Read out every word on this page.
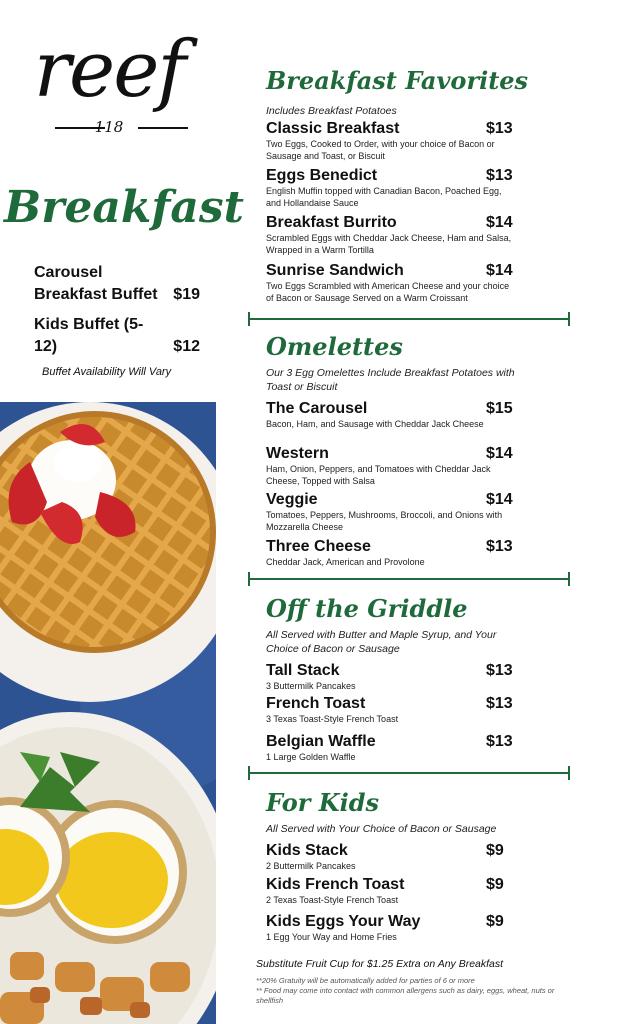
reef
118
Breakfast
Carousel Breakfast Buffet $19
Kids Buffet (5-12)	$12
Buffet Availability Will Vary
Breakfast Favorites
Includes Breakfast Potatoes
Classic Breakfast	$13
Two Eggs, Cooked to Order, with your choice of Bacon or Sausage and Toast, or Biscuit
Eggs Benedict	$13
English Muffin topped with Canadian Bacon, Poached Egg, and Hollandaise Sauce
Breakfast Burrito	$14
Scrambled Eggs with Cheddar Jack Cheese, Ham and Salsa, Wrapped in a Warm Tortilla
Sunrise Sandwich	$14
Two Eggs Scrambled with American Cheese and your choice of Bacon or Sausage Served on a Warm Croissant
Omelettes
Our 3 Egg Omelettes Include Breakfast Potatoes with Toast or Biscuit
The Carousel	$15
Bacon, Ham, and Sausage with Cheddar Jack Cheese
Western	$14
Ham, Onion, Peppers, and Tomatoes with Cheddar Jack Cheese, Topped with Salsa
Veggie	$14
Tomatoes, Peppers, Mushrooms, Broccoli, and Onions with Mozzarella Cheese
Three Cheese	$13
Cheddar Jack, American and Provolone
Off the Griddle
All Served with Butter and Maple Syrup, and Your Choice of Bacon or Sausage
Tall Stack	$13
3 Buttermilk Pancakes
French Toast	$13
3 Texas Toast-Style French Toast
Belgian Waffle	$13
1 Large Golden Waffle
For Kids
All Served with Your Choice of Bacon or Sausage
Kids Stack	$9
2 Buttermilk Pancakes
Kids French Toast	$9
2 Texas Toast-Style French Toast
Kids Eggs Your Way	$9
1 Egg Your Way and Home Fries
Substitute Fruit Cup for $1.25 Extra on Any Breakfast
**20% Gratuity will be automatically added for parties of 6 or more
** Food may come into contact with common allergens such as dairy, eggs, wheat, nuts or shellfish
